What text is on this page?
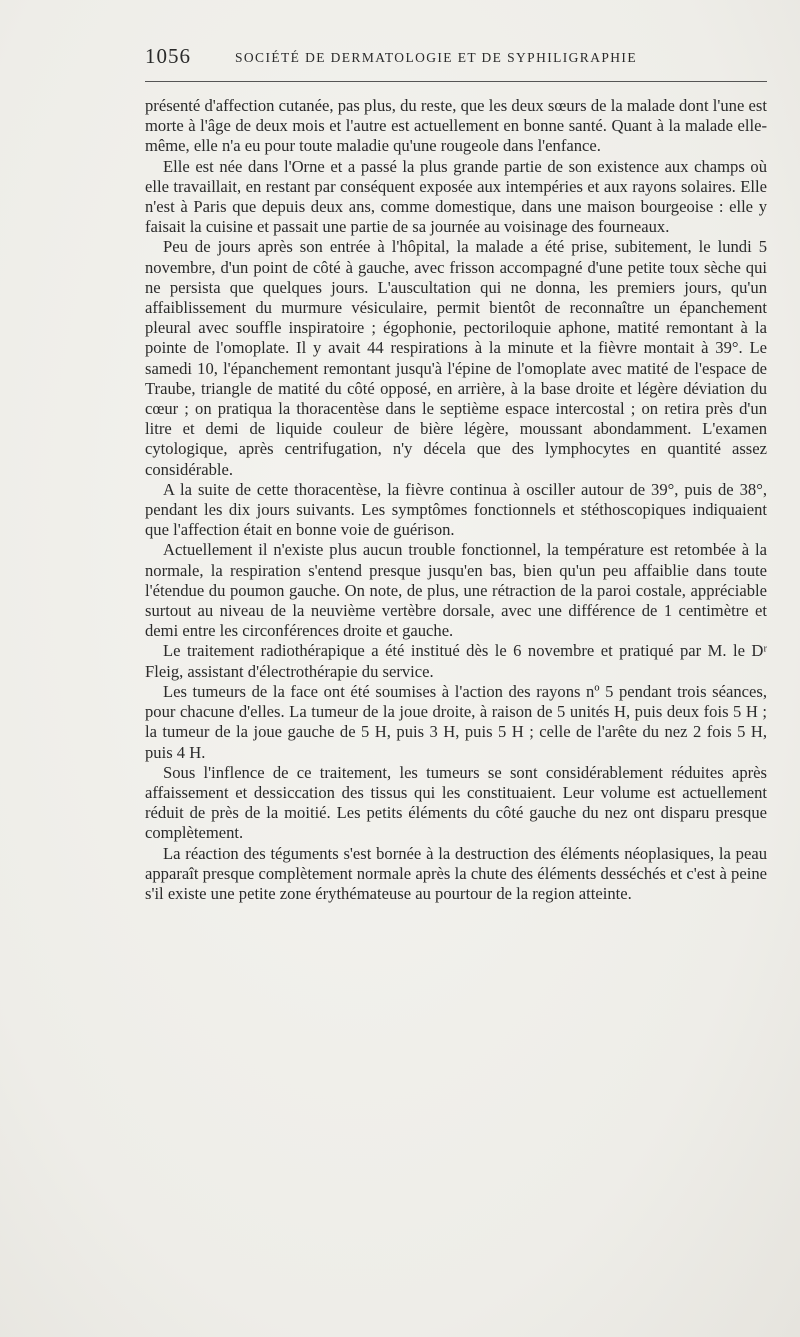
1056	SOCIÉTÉ DE DERMATOLOGIE ET DE SYPHILIGRAPHIE

présenté d'affection cutanée, pas plus, du reste, que les deux sœurs de la malade dont l'une est morte à l'âge de deux mois et l'autre est actuellement en bonne santé. Quant à la malade elle-même, elle n'a eu pour toute maladie qu'une rougeole dans l'enfance.

Elle est née dans l'Orne et a passé la plus grande partie de son existence aux champs où elle travaillait, en restant par conséquent exposée aux intempéries et aux rayons solaires. Elle n'est à Paris que depuis deux ans, comme domestique, dans une maison bourgeoise : elle y faisait la cuisine et passait une partie de sa journée au voisinage des fourneaux.

Peu de jours après son entrée à l'hôpital, la malade a été prise, subitement, le lundi 5 novembre, d'un point de côté à gauche, avec frisson accompagné d'une petite toux sèche qui ne persista que quelques jours. L'auscultation qui ne donna, les premiers jours, qu'un affaiblissement du murmure vésiculaire, permit bientôt de reconnaître un épanchement pleural avec souffle inspiratoire ; égophonie, pectoriloquie aphone, matité remontant à la pointe de l'omoplate. Il y avait 44 respirations à la minute et la fièvre montait à 39°. Le samedi 10, l'épanchement remontant jusqu'à l'épine de l'omoplate avec matité de l'espace de Traube, triangle de matité du côté opposé, en arrière, à la base droite et légère déviation du cœur ; on pratiqua la thoracentèse dans le septième espace intercostal ; on retira près d'un litre et demi de liquide couleur de bière légère, moussant abondamment. L'examen cytologique, après centrifugation, n'y décela que des lymphocytes en quantité assez considérable.

A la suite de cette thoracentèse, la fièvre continua à osciller autour de 39°, puis de 38°, pendant les dix jours suivants. Les symptômes fonctionnels et stéthoscopiques indiquaient que l'affection était en bonne voie de guérison.

Actuellement il n'existe plus aucun trouble fonctionnel, la température est retombée à la normale, la respiration s'entend presque jusqu'en bas, bien qu'un peu affaiblie dans toute l'étendue du poumon gauche. On note, de plus, une rétraction de la paroi costale, appréciable surtout au niveau de la neuvième vertèbre dorsale, avec une différence de 1 centimètre et demi entre les circonférences droite et gauche.

Le traitement radiothérapique a été institué dès le 6 novembre et pratiqué par M. le Dʳ Fleig, assistant d'électrothérapie du service.

Les tumeurs de la face ont été soumises à l'action des rayons nº 5 pendant trois séances, pour chacune d'elles. La tumeur de la joue droite, à raison de 5 unités H, puis deux fois 5 H ; la tumeur de la joue gauche de 5 H, puis 3 H, puis 5 H ; celle de l'arête du nez 2 fois 5 H, puis 4 H.

Sous l'inflence de ce traitement, les tumeurs se sont considérablement réduites après affaissement et dessiccation des tissus qui les constituaient. Leur volume est actuellement réduit de près de la moitié. Les petits éléments du côté gauche du nez ont disparu presque complètement.

La réaction des téguments s'est bornée à la destruction des éléments néoplasiques, la peau apparaît presque complètement normale après la chute des éléments desséchés et c'est à peine s'il existe une petite zone érythémateuse au pourtour de la region atteinte.
